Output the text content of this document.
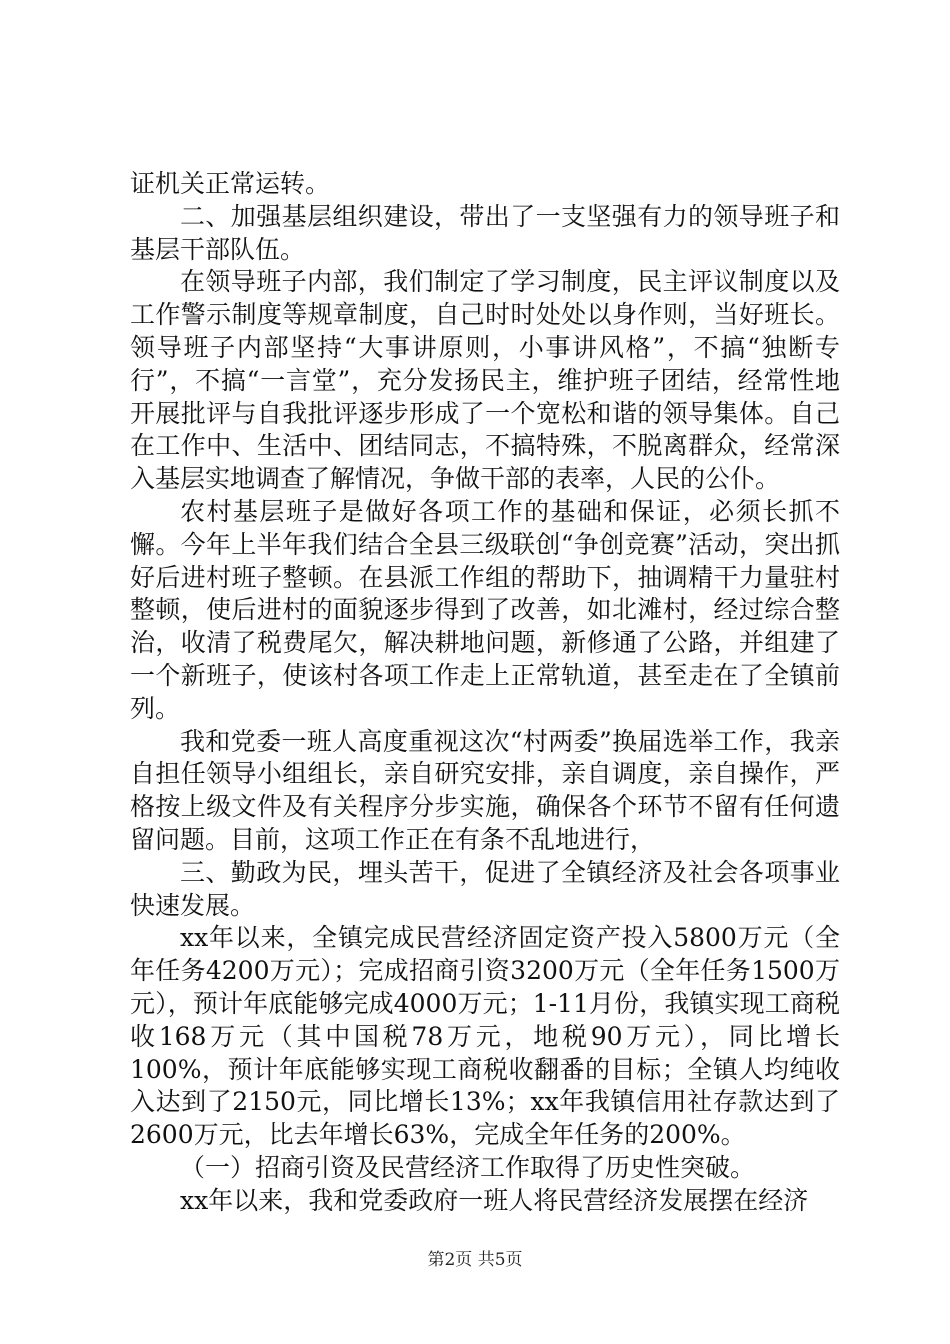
证机关正常运转。

二、加强基层组织建设，带出了一支坚强有力的领导班子和基层干部队伍。

在领导班子内部，我们制定了学习制度，民主评议制度以及工作警示制度等规章制度，自己时时处处以身作则，当好班长。领导班子内部坚持“大事讲原则，小事讲风格”，不搞“独断专行”，不搞“一言堂”，充分发扬民主，维护班子团结，经常性地开展批评与自我批评逐步形成了一个宽松和谐的领导集体。自己在工作中、生活中、团结同志，不搞特殊，不脱离群众，经常深入基层实地调查了解情况，争做干部的表率，人民的公仆。

农村基层班子是做好各项工作的基础和保证，必须长抓不懈。今年上半年我们结合全县三级联创“争创竞赛”活动，突出抓好后进村班子整顿。在县派工作组的帮助下，抽调精干力量驻村整顿，使后进村的面貌逐步得到了改善，如北滩村，经过综合整治，收清了税费尾欠，解决耕地问题，新修通了公路，并组建了一个新班子，使该村各项工作走上正常轨道，甚至走在了全镇前列。

我和党委一班人高度重视这次“村两委”换届选举工作，我亲自担任领导小组组长，亲自研究安排，亲自调度，亲自操作，严格按上级文件及有关程序分步实施，确保各个环节不留有任何遗留问题。目前，这项工作正在有条不乱地进行，

三、勤政为民，埋头苦干，促进了全镇经济及社会各项事业快速发展。

xx年以来，全镇完成民营经济固定资产投入5800万元（全年任务4200万元）；完成招商引资3200万元（全年任务1500万元），预计年底能够完成4000万元；1-11月份，我镇实现工商税收168万元（其中国税78万元，地税90万元），同比增长100%，预计年底能够实现工商税收翻番的目标；全镇人均纯收入达到了2150元，同比增长13%；xx年我镇信用社存款达到了2600万元，比去年增长63%，完成全年任务的200%。

（一）招商引资及民营经济工作取得了历史性突破。

xx年以来，我和党委政府一班人将民营经济发展摆在经济

第2页 共5页
